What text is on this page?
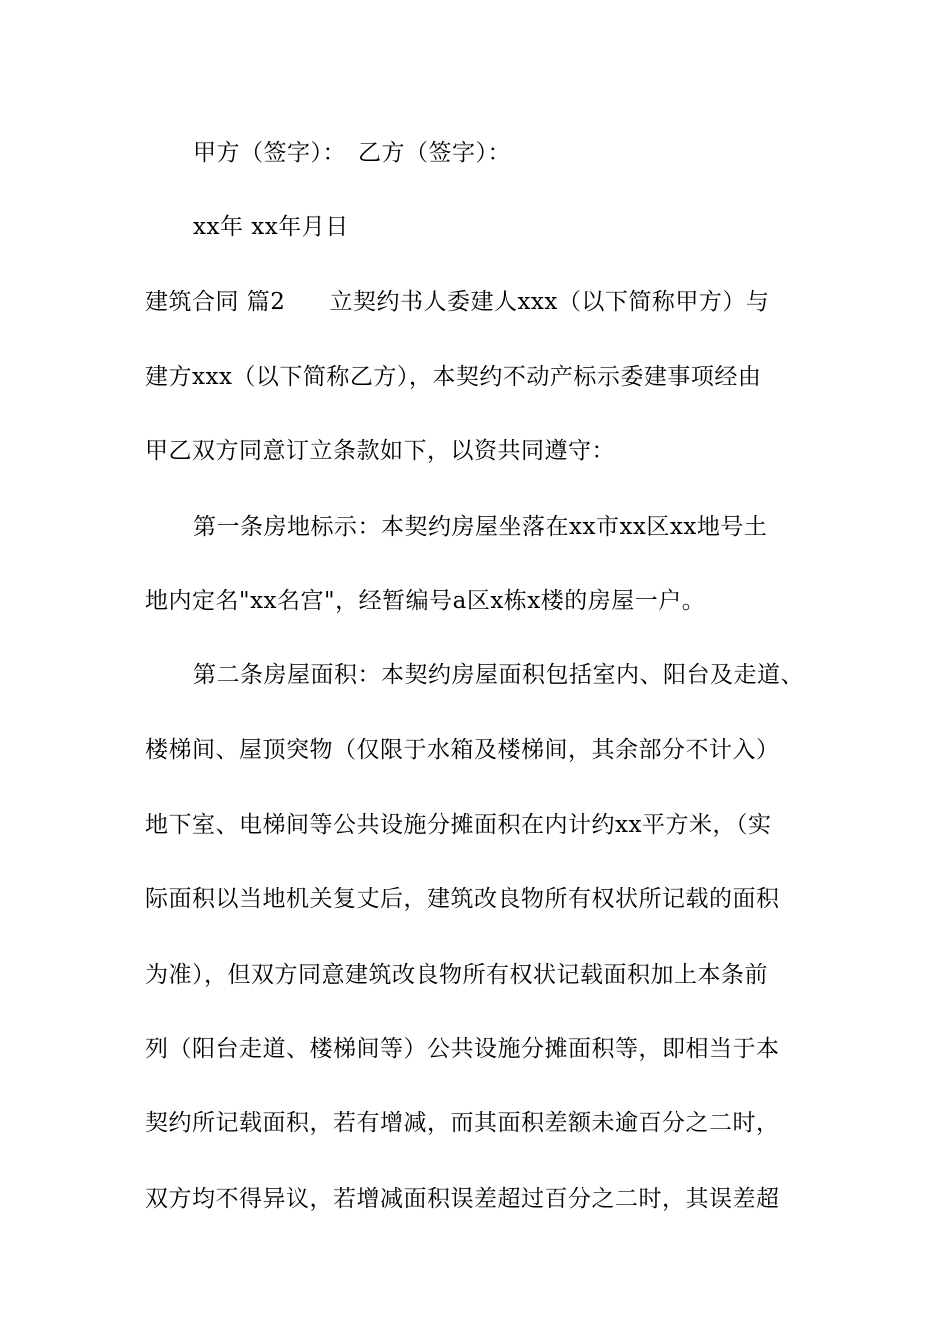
甲方（签字）： 乙方（签字）：
xx年 xx年月日
建筑合同 篇2 立契约书人委建人xxx（以下简称甲方）与
建方xxx（以下简称乙方），本契约不动产标示委建事项经由
甲乙双方同意订立条款如下，以资共同遵守：
第一条房地标示：本契约房屋坐落在xx市xx区xx地号土
地内定名"xx名宫"，经暂编号a区x栋x楼的房屋一户。
第二条房屋面积：本契约房屋面积包括室内、阳台及走道、
楼梯间、屋顶突物（仅限于水箱及楼梯间，其余部分不计入）
地下室、电梯间等公共设施分摊面积在内计约xx平方米，（实
际面积以当地机关复丈后，建筑改良物所有权状所记载的面积
为准），但双方同意建筑改良物所有权状记载面积加上本条前
列（阳台走道、楼梯间等）公共设施分摊面积等，即相当于本
契约所记载面积，若有增减，而其面积差额未逾百分之二时，
双方均不得异议，若增减面积误差超过百分之二时，其误差超
